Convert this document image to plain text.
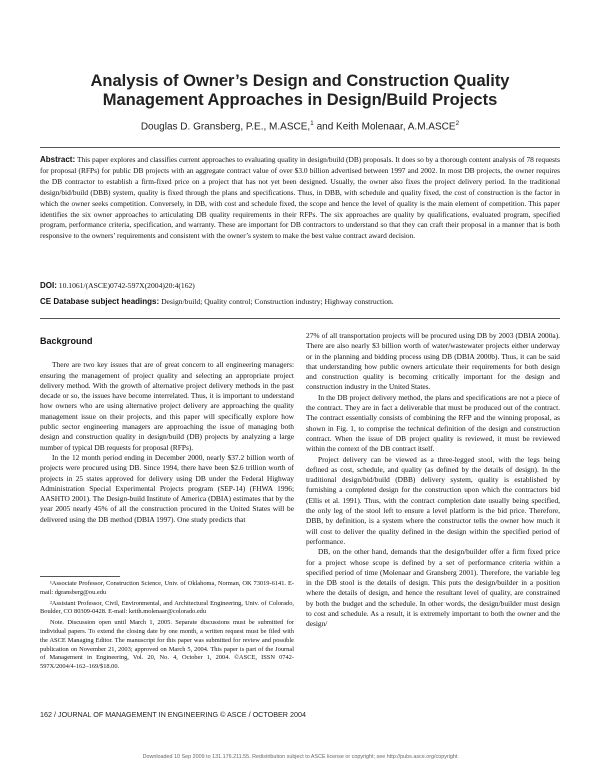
Analysis of Owner’s Design and Construction Quality Management Approaches in Design/Build Projects
Douglas D. Gransberg, P.E., M.ASCE,$^1$ and Keith Molenaar, A.M.ASCE$^2$
Abstract: This paper explores and classifies current approaches to evaluating quality in design/build (DB) proposals. It does so by a thorough content analysis of 78 requests for proposal (RFPs) for public DB projects with an aggregate contract value of over $3.0 billion advertised between 1997 and 2002. In most DB projects, the owner requires the DB contractor to establish a firm-fixed price on a project that has not yet been designed. Usually, the owner also fixes the project delivery period. In the traditional design/bid/build (DBB) system, quality is fixed through the plans and specifications. Thus, in DBB, with schedule and quality fixed, the cost of construction is the factor in which the owner seeks competition. Conversely, in DB, with cost and schedule fixed, the scope and hence the level of quality is the main element of competition. This paper identifies the six owner approaches to articulating DB quality requirements in their RFPs. The six approaches are quality by qualifications, evaluated program, specified program, performance criteria, specification, and warranty. These are important for DB contractors to understand so that they can craft their proposal in a manner that is both responsive to the owners’ requirements and consistent with the owner’s system to make the best value contract award decision.
DOI: 10.1061/(ASCE)0742-597X(2004)20:4(162)
CE Database subject headings: Design/build; Quality control; Construction industry; Highway construction.
Background

There are two key issues that are of great concern to all engineering managers: ensuring the management of project quality and selecting an appropriate project delivery method. With the growth of alternative project delivery methods in the past decade or so, the issues have become interrelated. Thus, it is important to understand how owners who are using alternative project delivery are approaching the quality management issue on their projects, and this paper will specifically explore how public sector engineering managers are approaching the issue of managing both design and construction quality in design/build (DB) projects by analyzing a large number of typical DB requests for proposal (RFPs).

In the 12 month period ending in December 2000, nearly $37.2 billion worth of projects were procured using DB. Since 1994, there have been $2.6 trillion worth of projects in 25 states approved for delivery using DB under the Federal Highway Administration Special Experimental Projects program (SEP-14) (FHWA 1996; AASHTO 2001). The Design-build Institute of America (DBIA) estimates that by the year 2005 nearly 45% of all the construction procured in the United States will be delivered using the DB method (DBIA 1997). One study predicts that

27% of all transportation projects will be procured using DB by 2003 (DBIA 2000a). There are also nearly $3 billion worth of water/wastewater projects either underway or in the planning and bidding process using DB (DBIA 2000b). Thus, it can be said that understanding how public owners articulate their requirements for both design and construction quality is becoming critically important for the design and construction industry in the United States.

In the DB project delivery method, the plans and specifications are not a piece of the contract. They are in fact a deliverable that must be produced out of the contract. The contract essentially consists of combining the RFP and the winning proposal, as shown in Fig. 1, to comprise the technical definition of the design and construction contract. When the issue of DB project quality is reviewed, it must be reviewed within the context of the DB contract itself.

Project delivery can be viewed as a three-legged stool, with the legs being defined as cost, schedule, and quality (as defined by the details of design). In the traditional design/bid/build (DBB) delivery system, quality is established by furnishing a completed design for the construction upon which the contractors bid (Ellis et al. 1991). Thus, with the contract completion date usually being specified, the only leg of the stool left to ensure a level platform is the bid price. Therefore, DBB, by definition, is a system where the constructor tells the owner how much it will cost to deliver the quality defined in the design within the specified period of performance.

DB, on the other hand, demands that the design/builder offer a firm fixed price for a project whose scope is defined by a set of performance criteria within a specified period of time (Molenaar and Gransberg 2001). Therefore, the variable leg in the DB stool is the details of design. This puts the design/builder in a position where the details of design, and hence the resultant level of quality, are constrained by both the budget and the schedule. In other words, the design/builder must design to cost and schedule. As a result, it is extremely important to both the owner and the design/

¹Associate Professor, Construction Science, Univ. of Oklahoma, Norman, OK 73019-6141. E-mail: dgransberg@ou.edu

²Assistant Professor, Civil, Environmental, and Architectural Engineering, Univ. of Colorado, Boulder, CO 80309-0428. E-mail: keith.molenaar@colorado.edu

Note. Discussion open until March 1, 2005. Separate discussions must be submitted for individual papers. To extend the closing date by one month, a written request must be filed with the ASCE Managing Editor. The manuscript for this paper was submitted for review and possible publication on November 21, 2003; approved on March 5, 2004. This paper is part of the Journal of Management in Engineering, Vol. 20, No. 4, October 1, 2004. ©ASCE, ISSN 0742-597X/2004/4-162–169/$18.00.

162 / JOURNAL OF MANAGEMENT IN ENGINEERING © ASCE / OCTOBER 2004
Downloaded 10 Sep 2009 to 131.176.211.55. Redistribution subject to ASCE license or copyright; see http://pubs.asce.org/copyright
